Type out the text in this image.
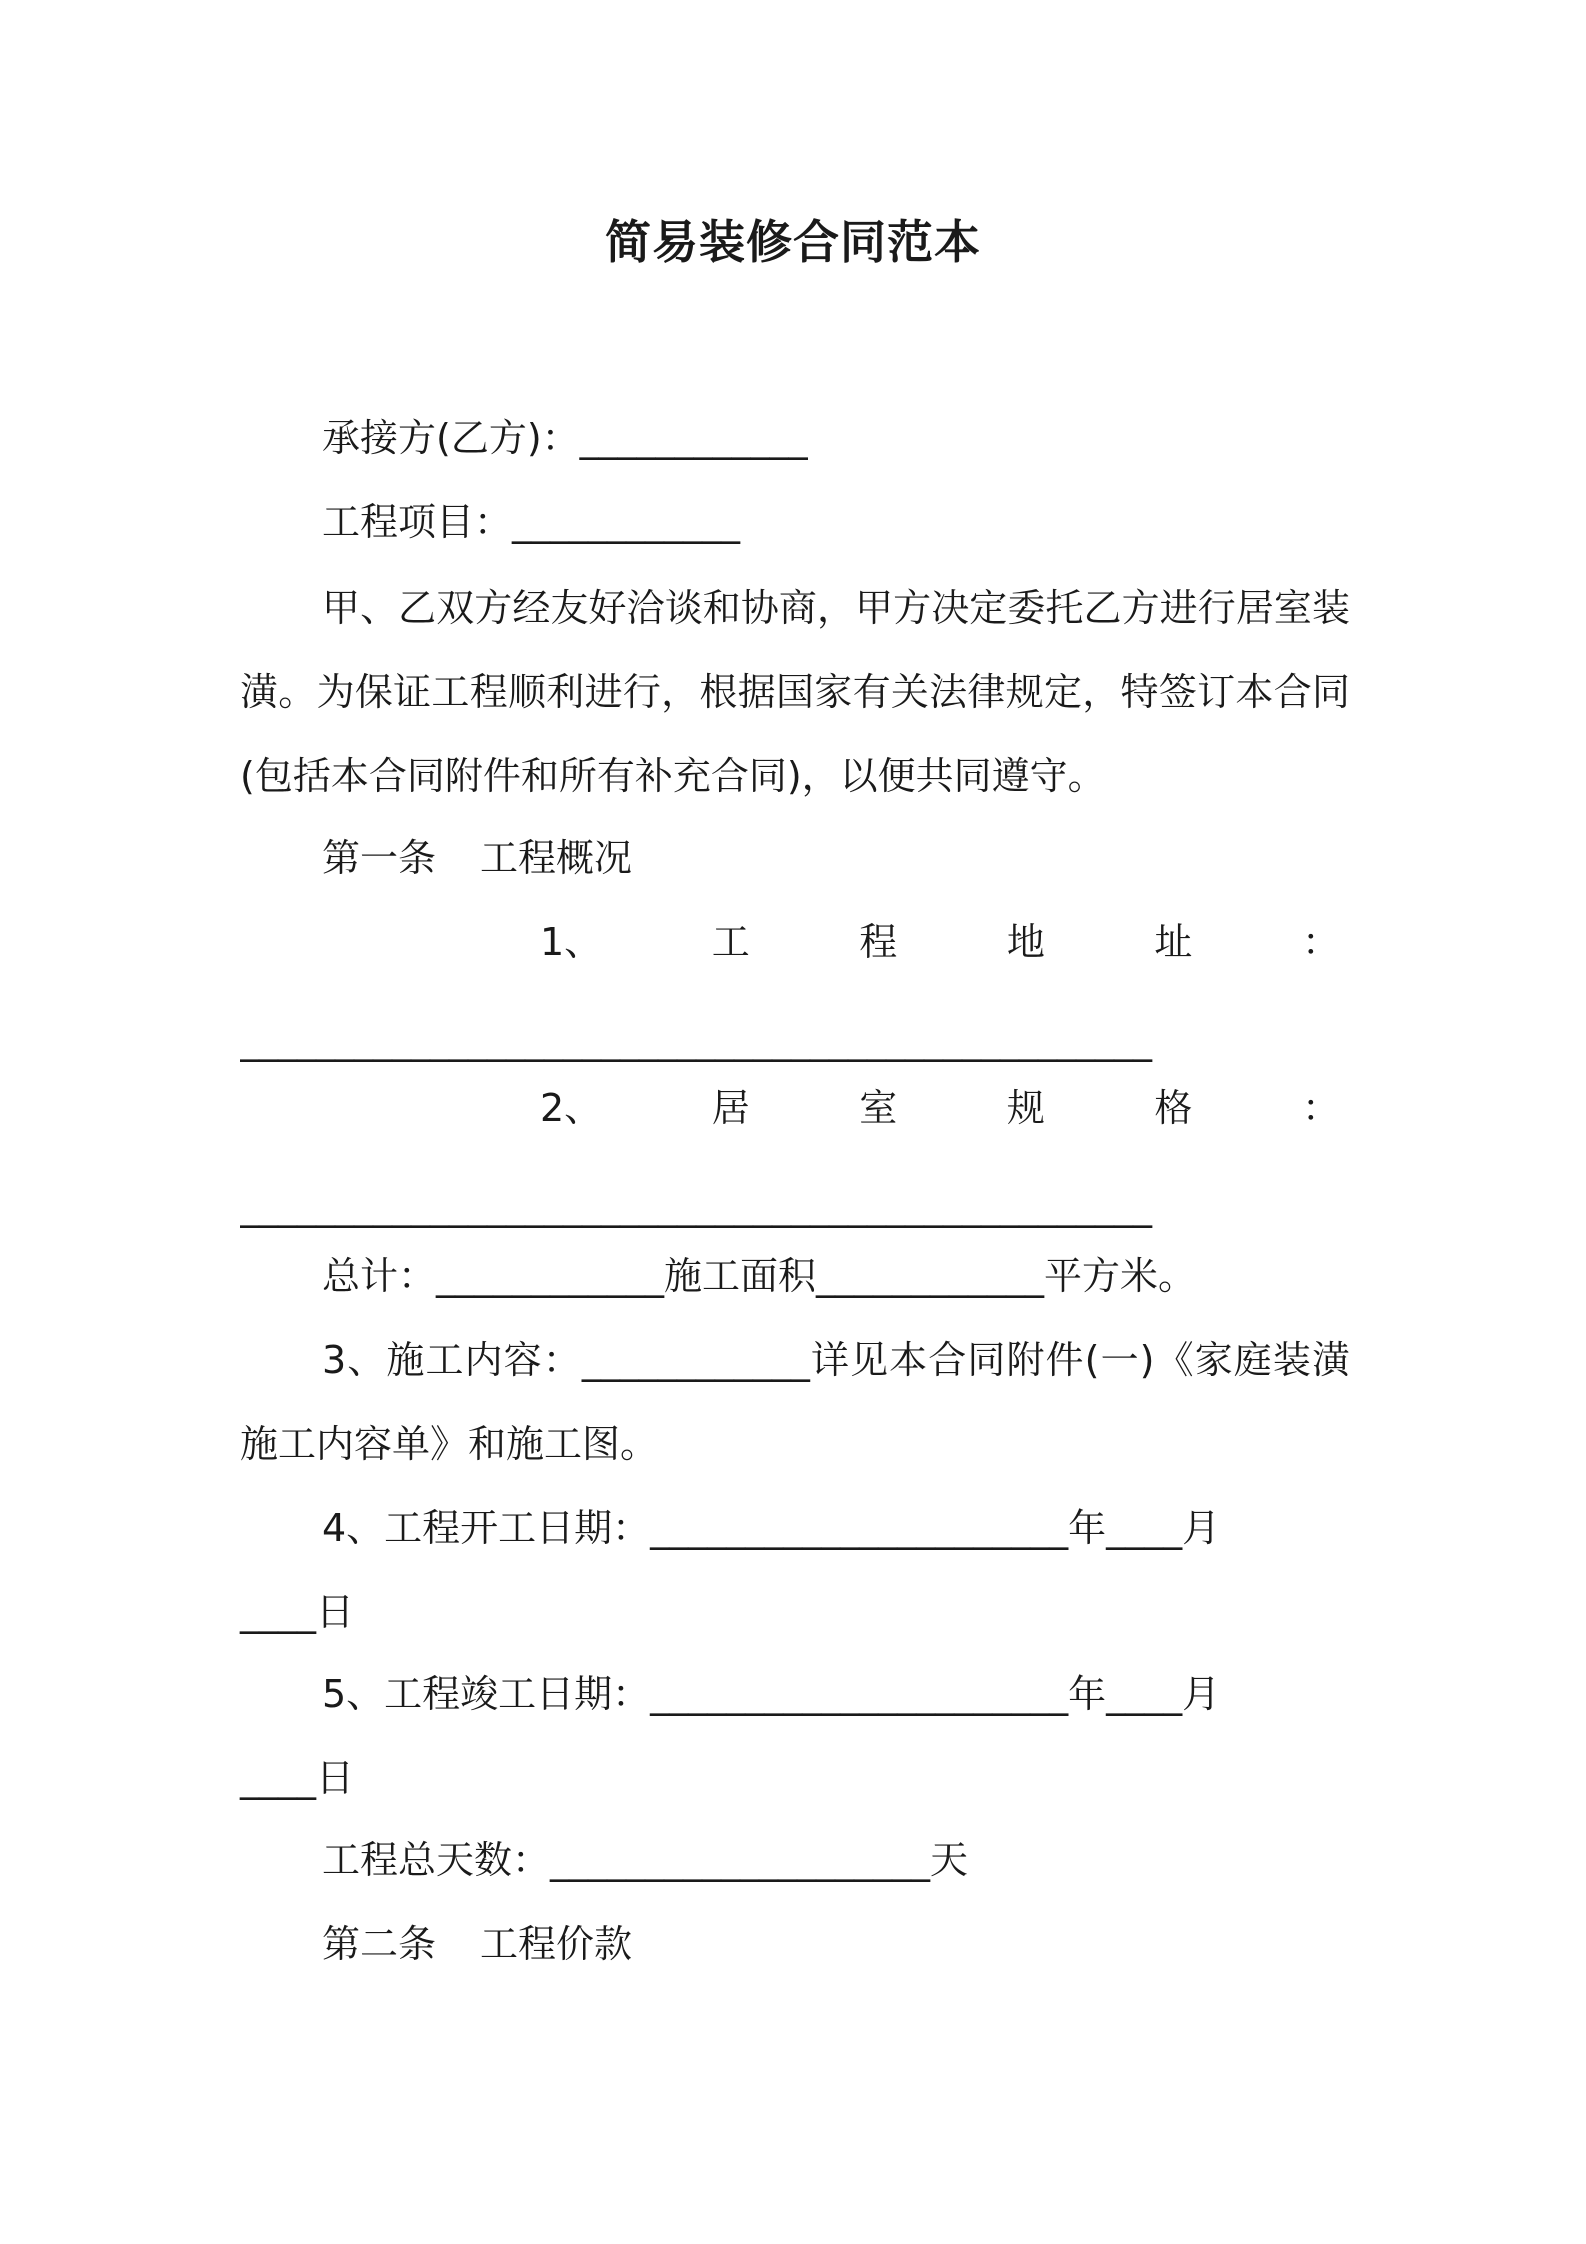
简易装修合同范本
承接方(乙方)：____________
工程项目：____________
甲、乙双方经友好洽谈和协商，甲方决定委托乙方进行居室装潢。为保证工程顺利进行，根据国家有关法律规定，特签订本合同(包括本合同附件和所有补充合同)，以便共同遵守。
第一条 工程概况
1、	工	程	地	址	：
________________________________________________
2、	居	室	规	格	：
________________________________________________
总计：____________施工面积____________平方米。
3、施工内容：____________详见本合同附件(一)《家庭装潢施工内容单》和施工图。
4、工程开工日期：______________________年____月
____日
5、工程竣工日期：______________________年____月
____日
工程总天数：____________________天
第二条 工程价款
